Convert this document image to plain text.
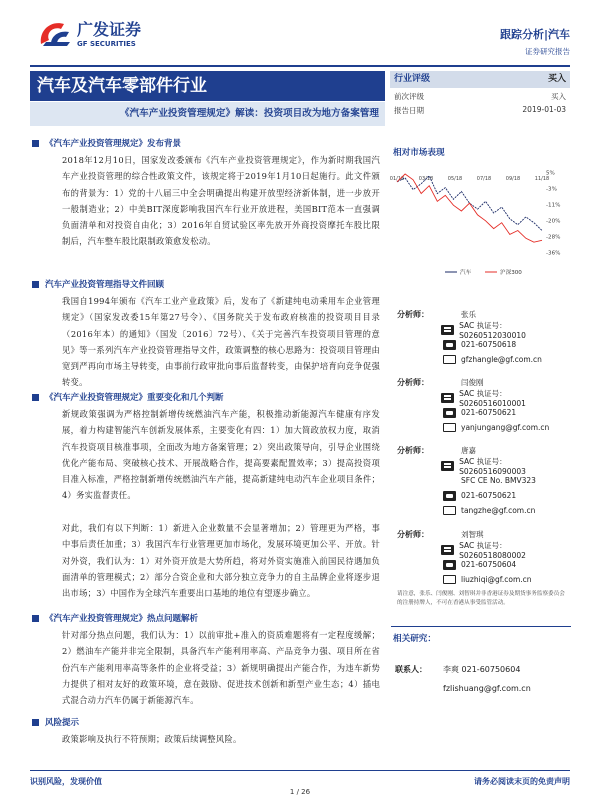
广发证券
GF SECURITIES
跟踪分析|汽车
证券研究报告
汽车及汽车零部件行业
《汽车产业投资管理规定》解读：投资项目改为地方备案管理
行业评级	买入
前次评级	买入
报告日期	2019-01-03
相对市场表现
5%
-3%
-11%
-20%
-28%
-36%
01/18	03/18	05/18	07/18	09/18	11/18
汽车	沪深300
《汽车产业投资管理规定》发布背景
2018年12月10日，国家发改委颁布《汽车产业投资管理规定》，作为新时期我国汽车产业投资管理的综合性政策文件，该规定将于2019年1月10日起施行。此文件颁布的背景为：1）党的十八届三中全会明确提出构建开放型经济新体制，进一步放开一般制造业；2）中美BIT深度影响我国汽车行业开放进程，美国BIT范本一直强调负面清单和对投资自由化；3）2016年自贸试验区率先放开外商投资摩托车股比限制后，汽车整车股比限制政策愈发松动。
汽车产业投资管理指导文件回顾
我国自1994年颁布《汽车工业产业政策》后，发布了《新建纯电动乘用车企业管理规定》（国家发改委15年第27号令）、《国务院关于发布政府核准的投资项目目录（2016年本）的通知》（国发〔2016〕72号）、《关于完善汽车投资项目管理的意见》等一系列汽车产业投资管理指导文件，政策调整的核心思路为：投资项目管理由宽到严再向市场主导转变，由事前行政审批向事后监督转变，由保护培育向竞争促强转变。
《汽车产业投资管理规定》重要变化和几个判断
新规政策强调为严格控制新增传统燃油汽车产能，积极推动新能源汽车健康有序发展，着力构建智能汽车创新发展体系，主要变化有四：1）加大简政放权力度，取消汽车投资项目核准事项，全面改为地方备案管理；2）突出政策导向，引导企业围绕优化产能布局、突破核心技术、开展战略合作，提高要素配置效率；3）提高投资项目准入标准，严格控制新增传统燃油汽车产能，提高新建纯电动汽车企业项目条件；4）务实监督责任。
对此，我们有以下判断：1）新进入企业数量不会显著增加；2）管理更为严格，事中事后责任加重；3）我国汽车行业管理更加市场化，发展环境更加公平、开放。针对外资，我们认为：1）对外资开放是大势所趋，将对外资实施准入前国民待遇加负面清单的管理模式；2）部分合资企业和大部分独立竞争力的自主品牌企业将逐步退出市场；3）中国作为全球汽车重要出口基地的地位有望逐步确立。
《汽车产业投资管理规定》热点问题解析
针对部分热点问题，我们认为：1）以前审批+准入的资质难题将有一定程度缓解；2）燃油车产能并非完全限制，具备汽车产能利用率高、产品竞争力强、项目所在省份汽车产能利用率高等条件的企业将受益；3）新规明确提出产能合作，为违车新势力提供了相对友好的政策环境，意在鼓励、促进技术创新和新型产业生态；4）插电式混合动力汽车仍属于新能源汽车。
风险提示
政策影响及执行不符预期；政策后续调整风险。
分析师：	张乐
SAC 执证号：S0260512030010
021-60750618
gfzhangle@gf.com.cn
分析师：	闫俊刚
SAC 执证号：S0260516010001
021-60750621
yanjungang@gf.com.cn
分析师：	唐嘉
SAC 执证号：S0260516090003
SFC CE No. BMV323
021-60750621
tangzhe@gf.com.cn
分析师：	刘智琪
SAC 执证号：S0260518080002
021-60750604
liuzhiqi@gf.com.cn
请注意，张乐、闫俊刚、刘智琪并非香港证券及期货事务监察委员会的注册持牌人，不可在香港从事受监管活动。
相关研究：
联系人： 李爽 021-60750604
fzlishuang@gf.com.cn
识别风险，发现价值	请务必阅读末页的免责声明
1 / 26
